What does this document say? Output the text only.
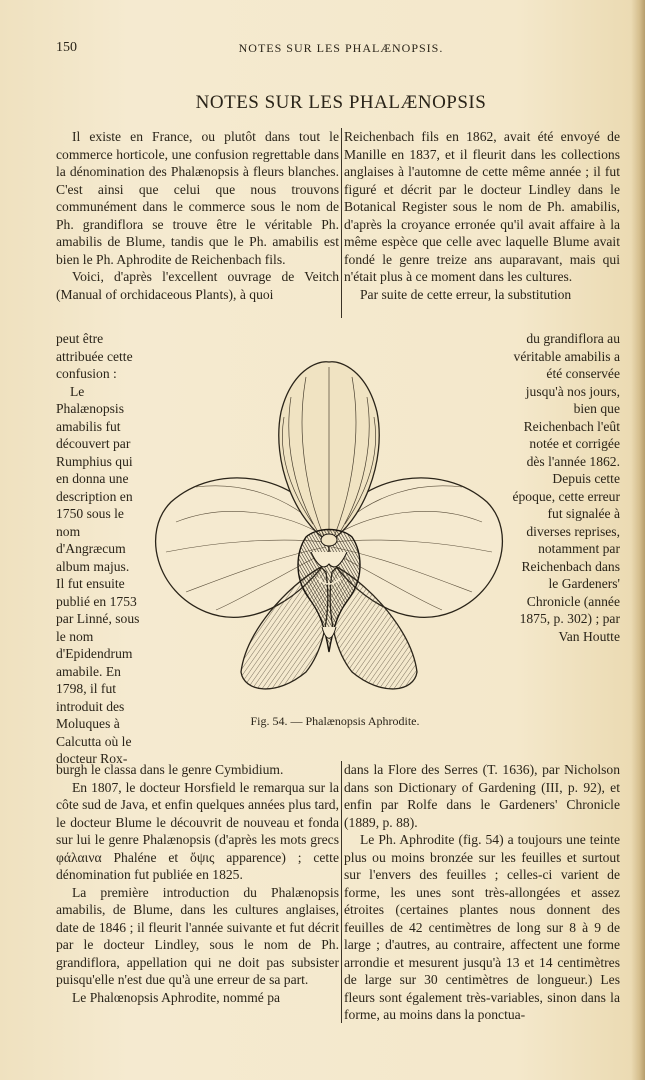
150	NOTES SUR LES PHALÆNOPSIS.
NOTES SUR LES PHALÆNOPSIS

Il existe en France, ou plutôt dans tout le commerce horticole, une confusion regrettable dans la dénomination des Phalænopsis à fleurs blanches. C'est ainsi que celui que nous trouvons communément dans le commerce sous le nom de Ph. grandiflora se trouve être le véritable Ph. amabilis de Blume, tandis que le Ph. amabilis est bien le Ph. Aphrodite de Reichenbach fils.

Voici, d'après l'excellent ouvrage de Veitch (Manual of orchidaceous Plants), à quoi

Reichenbach fils en 1862, avait été envoyé de Manille en 1837, et il fleurit dans les collections anglaises à l'automne de cette même année ; il fut figuré et décrit par le docteur Lindley dans le Botanical Register sous le nom de Ph. amabilis, d'après la croyance erronée qu'il avait affaire à la même espèce que celle avec laquelle Blume avait fondé le genre treize ans auparavant, mais qui n'était plus à ce moment dans les cultures.

Par suite de cette erreur, la substitution

peut être attribuée cette confusion :

Le Phalænopsis amabilis fut découvert par Rumphius qui en donna une description en 1750 sous le nom d'Angræcum album majus. Il fut ensuite publié en 1753 par Linné, sous le nom d'Epidendrum amabile. En 1798, il fut introduit des Moluques à Calcutta où le docteur Rox-

du grandiflora au véritable amabilis a été conservée jusqu'à nos jours, bien que Reichenbach l'eût notée et corrigée dès l'année 1862.

Depuis cette époque, cette erreur fut signalée à diverses reprises, notamment par Reichenbach dans le Gardeners' Chronicle (année 1875, p. 302) ; par Van Houtte

Fig. 54. — Phalænopsis Aphrodite.

burgh le classa dans le genre Cymbidium.

En 1807, le docteur Horsfield le remarqua sur la côte sud de Java, et enfin quelques années plus tard, le docteur Blume le découvrit de nouveau et fonda sur lui le genre Phalænopsis (d'après les mots grecs φάλαινα Phaléne et ὄψις apparence) ; cette dénomination fut publiée en 1825.

La première introduction du Phalænopsis amabilis, de Blume, dans les cultures anglaises, date de 1846 ; il fleurit l'année suivante et fut décrit par le docteur Lindley, sous le nom de Ph. grandiflora, appellation qui ne doit pas subsister puisqu'elle n'est due qu'à une erreur de sa part.

Le Phalœnopsis Aphrodite, nommé pa

dans la Flore des Serres (T. 1636), par Nicholson dans son Dictionary of Gardening (III, p. 92), et enfin par Rolfe dans le Gardeners' Chronicle (1889, p. 88).

Le Ph. Aphrodite (fig. 54) a toujours une teinte plus ou moins bronzée sur les feuilles et surtout sur l'envers des feuilles ; celles-ci varient de forme, les unes sont très-allongées et assez étroites (certaines plantes nous donnent des feuilles de 42 centimètres de long sur 8 à 9 de large ; d'autres, au contraire, affectent une forme arrondie et mesurent jusqu'à 13 et 14 centimètres de large sur 30 centimètres de longueur.) Les fleurs sont également très-variables, sinon dans la forme, au moins dans la ponctua-
